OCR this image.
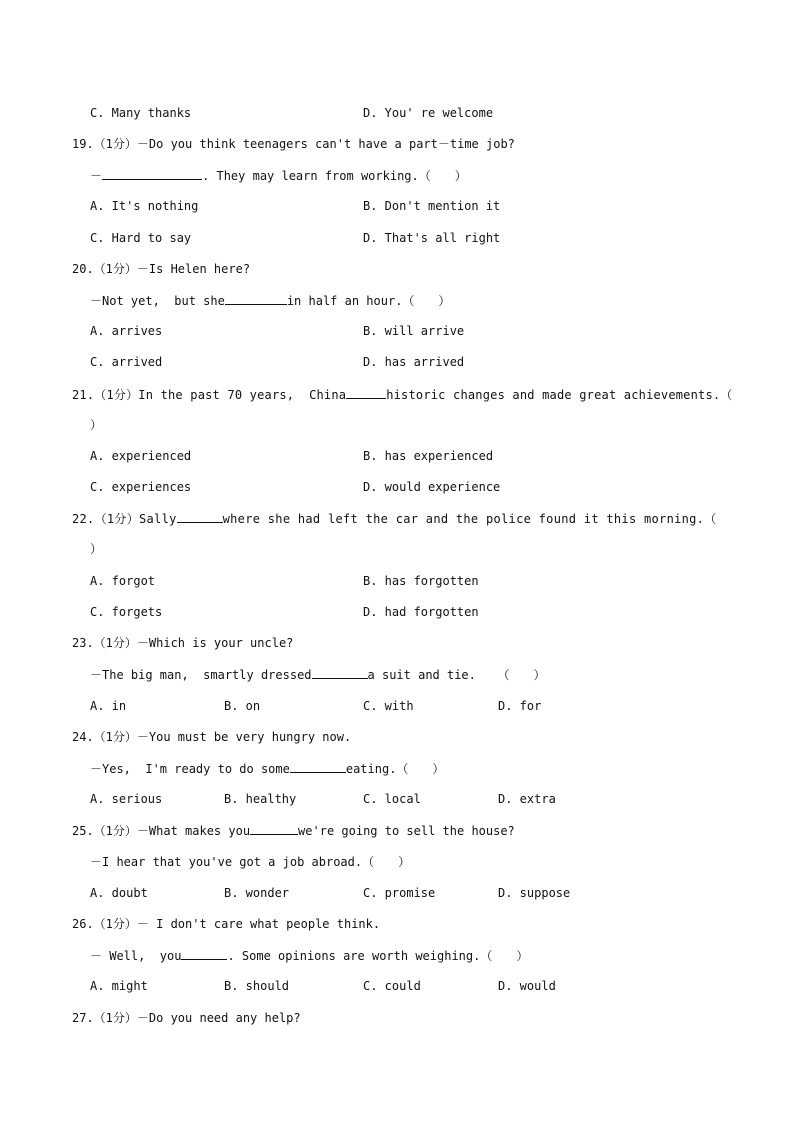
C. Many thanks	D. You' re welcome
19.（1分）－Do you think teenagers can't have a part－time job?
－	. They may learn from working.（　　）
A. It's nothing	B. Don't mention it
C. Hard to say	D. That's all right
20.（1分）－Is Helen here?
－Not yet,  but she	in half an hour.（　　）
A. arrives	B. will arrive
C. arrived	D. has arrived
21.（1分）In the past 70 years,  China	historic changes and made great achievements.（
）
A. experienced	B. has experienced
C. experiences	D. would experience
22.（1分）Sally	where she had left the car and the police found it this morning.（
）
A. forgot	B. has forgotten
C. forgets	D. had forgotten
23.（1分）－Which is your uncle?
－The big man,  smartly dressed	a suit and tie.   （　　）
A. in	B. on	C. with	D. for
24.（1分）－You must be very hungry now.
－Yes,  I'm ready to do some	eating.（　　）
A. serious	B. healthy	C. local	D. extra
25.（1分）－What makes you	we're going to sell the house?
－I hear that you've got a job abroad.（　　）
A. doubt	B. wonder	C. promise	D. suppose
26.（1分）－ I don't care what people think.
－ Well,  you	. Some opinions are worth weighing.（　　）
A. might	B. should	C. could	D. would
27.（1分）－Do you need any help?
